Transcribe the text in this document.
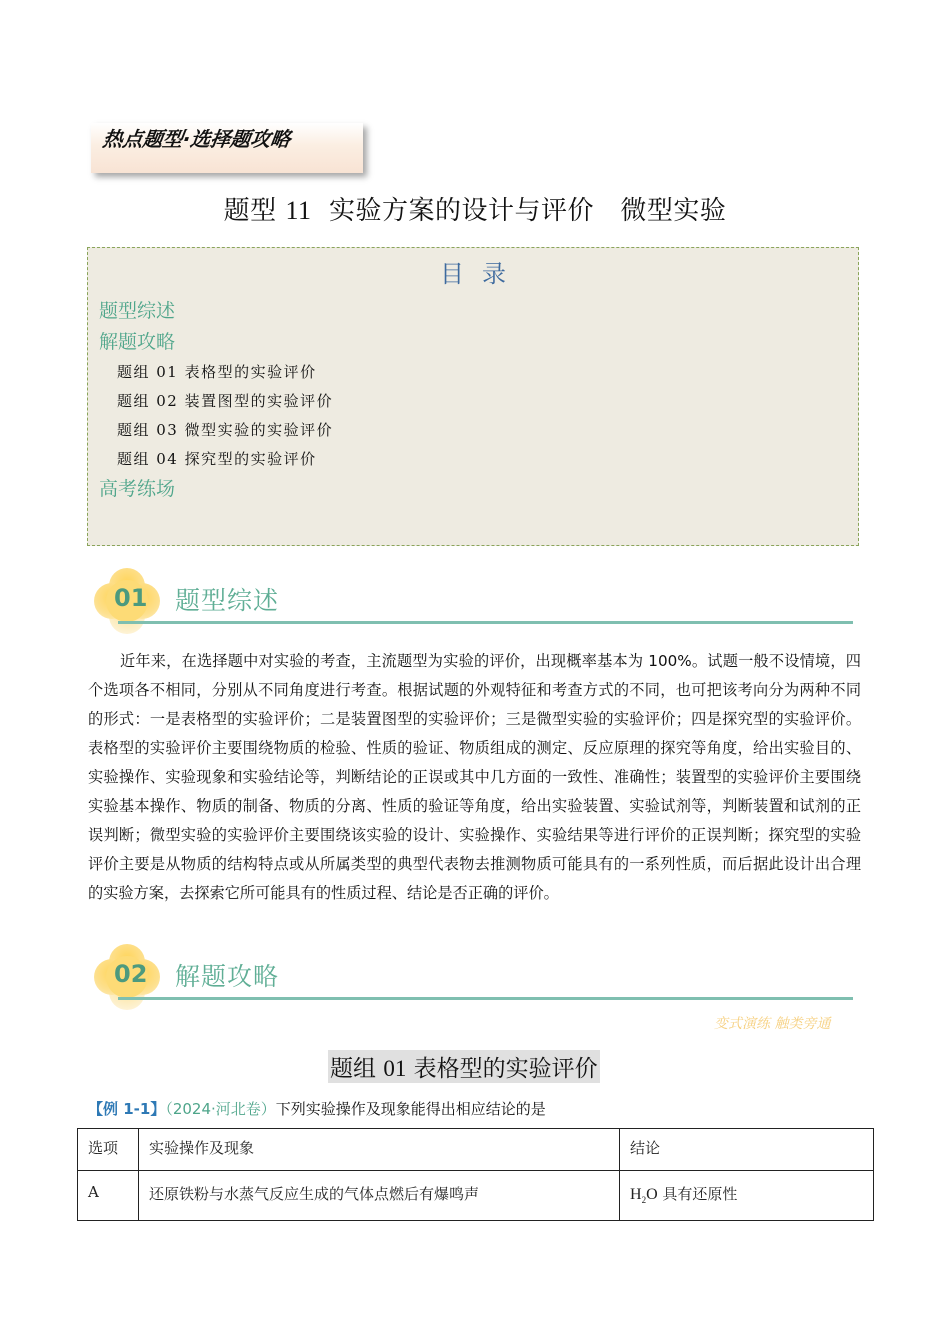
热点题型·选择题攻略
题型 11 实验方案的设计与评价 微型实验
目录
题型综述
解题攻略
题组 01 表格型的实验评价
题组 02 装置图型的实验评价
题组 03 微型实验的实验评价
题组 04 探究型的实验评价
高考练场
01 题型综述

近年来，在选择题中对实验的考查，主流题型为实验的评价，出现概率基本为 100%。试题一般不设情境，四个选项各不相同，分别从不同角度进行考查。根据试题的外观特征和考查方式的不同，也可把该考向分为两种不同的形式：一是表格型的实验评价；二是装置图型的实验评价；三是微型实验的实验评价；四是探究型的实验评价。表格型的实验评价主要围绕物质的检验、性质的验证、物质组成的测定、反应原理的探究等角度，给出实验目的、实验操作、实验现象和实验结论等，判断结论的正误或其中几方面的一致性、准确性；装置型的实验评价主要围绕实验基本操作、物质的制备、物质的分离、性质的验证等角度，给出实验装置、实验试剂等，判断装置和试剂的正误判断；微型实验的实验评价主要围绕该实验的设计、实验操作、实验结果等进行评价的正误判断；探究型的实验评价主要是从物质的结构特点或从所属类型的典型代表物去推测物质可能具有的一系列性质，而后据此设计出合理的实验方案，去探索它所可能具有的性质过程、结论是否正确的评价。

02 解题攻略
变式演练 触类旁通
题组 01 表格型的实验评价
【例 1-1】（2024·河北卷）下列实验操作及现象能得出相应结论的是
选项	实验操作及现象	结论
A	还原铁粉与水蒸气反应生成的气体点燃后有爆鸣声	$H_2O$ 具有还原性
